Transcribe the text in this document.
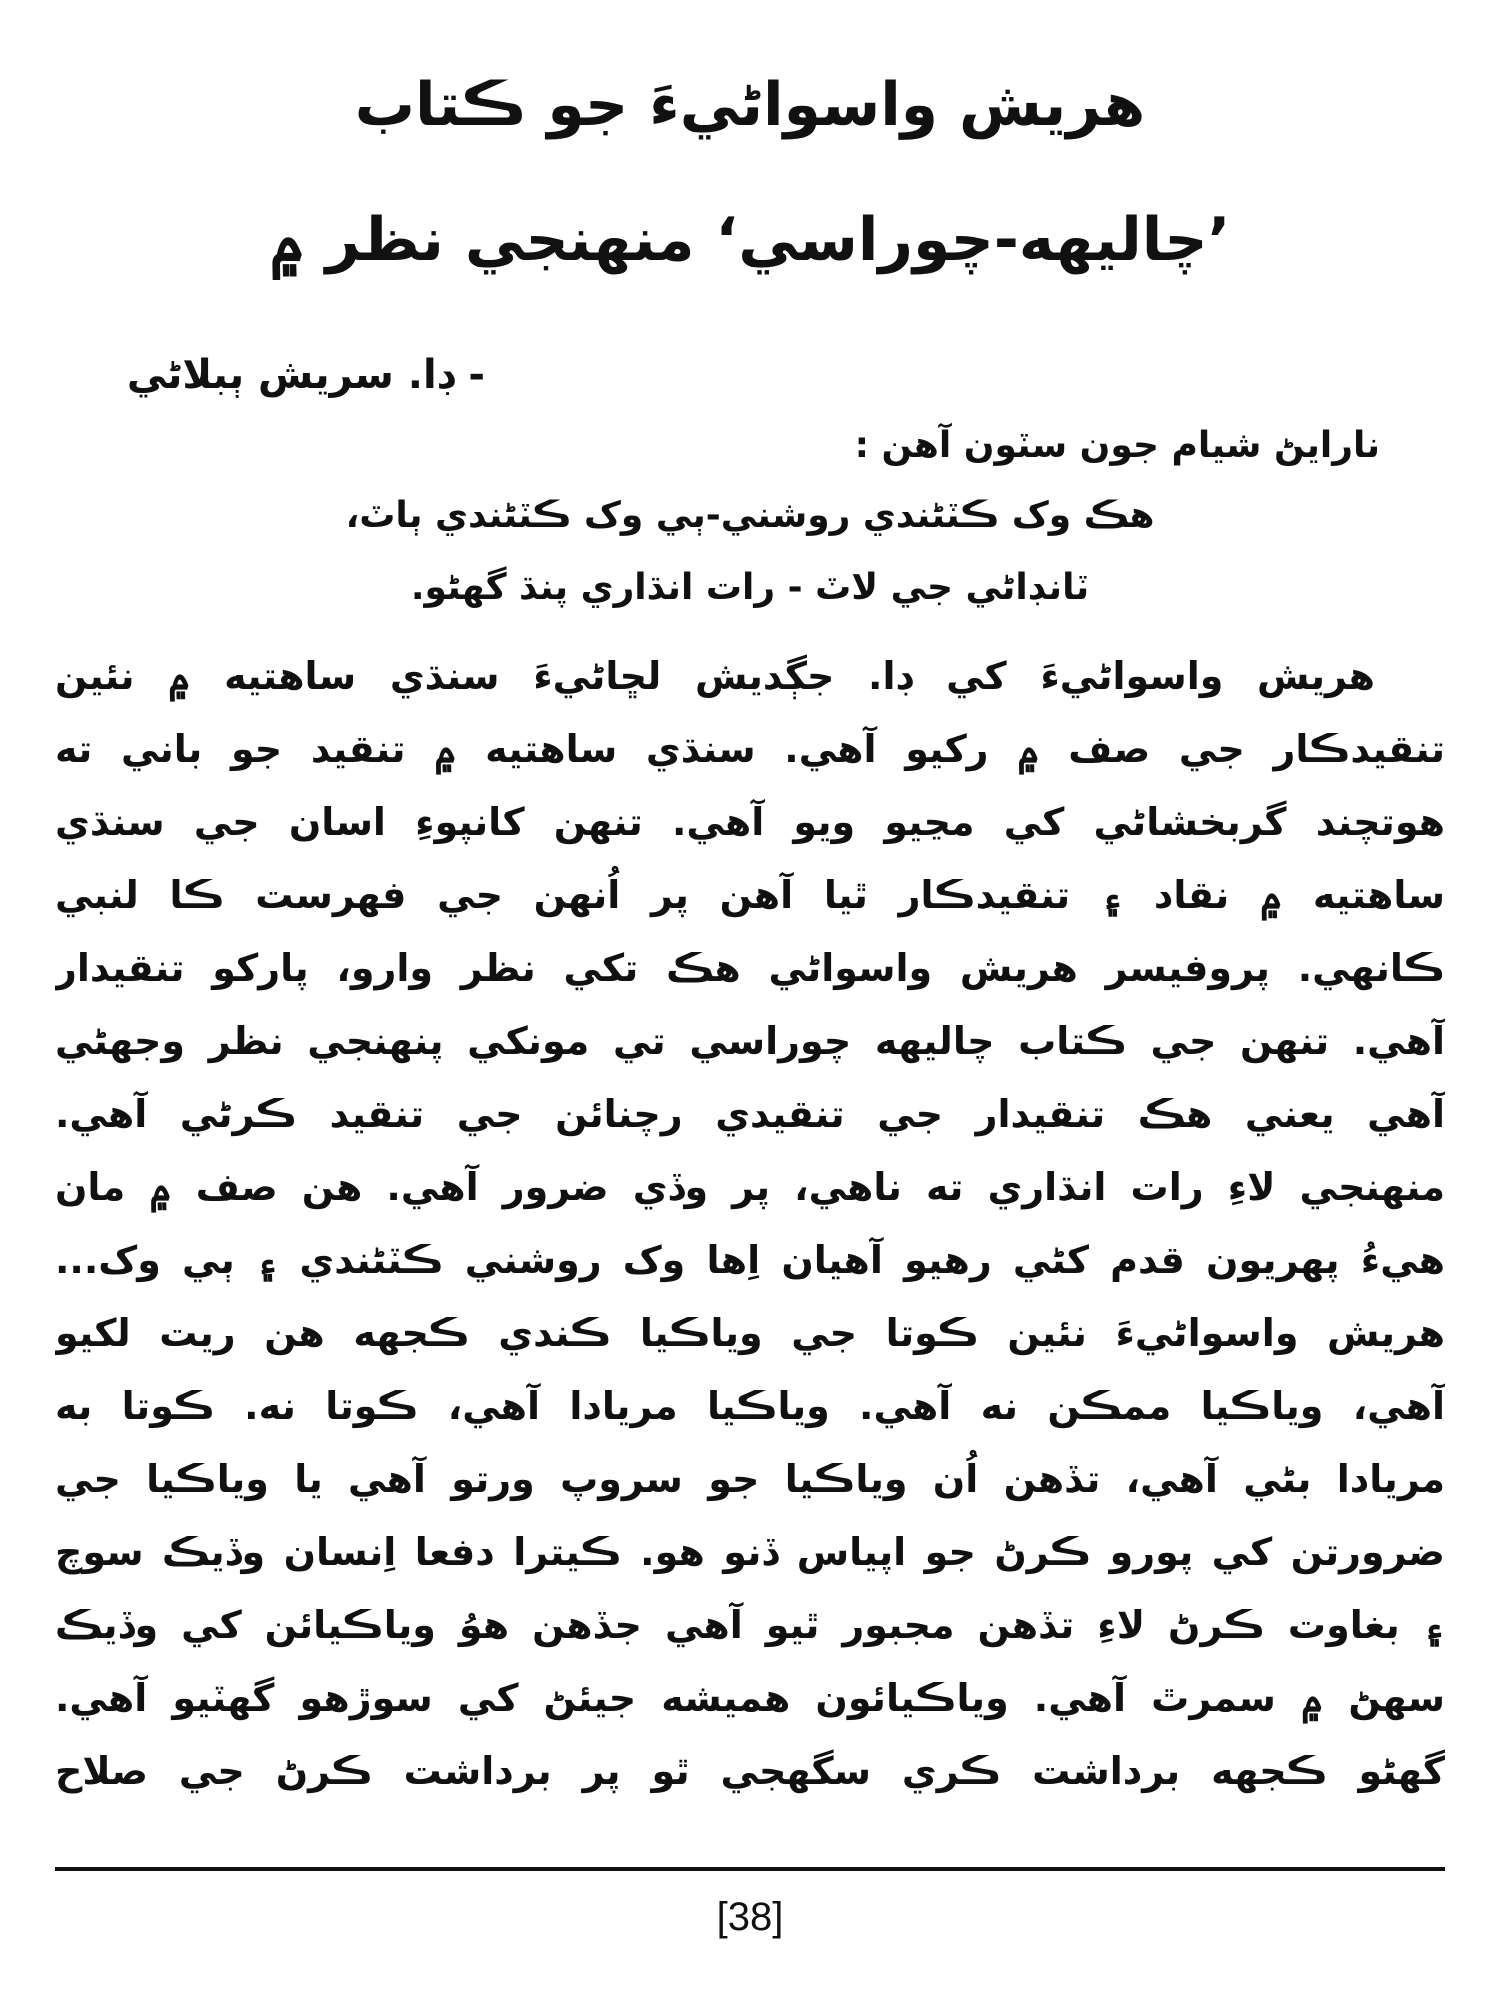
هريش واسواڻيءَ جو ڪتاب
’چاليهه-چوراسي‘ منهنجي نظر ۾
- ڊا. سريش ٻبلاڻي
نارايڻ شيام جون سٽون آهن :
هڪ وک ڪٽڻندي روشني-ٻي وک ڪٽڻندي ٻاٽ،
ٽانڊاڻي جي لاٽ - رات انڌاري پنڌ گهڻو.
هريش واسواڻيءَ کي ڊا. جڳديش لڇاڻيءَ سنڌي ساهتيه ۾ نئين
تنقيدڪار جي صف ۾ رکيو آهي. سنڌي ساهتيه ۾ تنقيد جو باني ته
هوتچند گربخشاڻي کي مڃيو ويو آهي. تنهن کانپوءِ اسان جي سنڌي
ساهتيه ۾ نقاد ۽ تنقيدڪار ٿيا آهن پر اُنهن جي فهرست ڪا لنبي
ڪانهي. پروفيسر هريش واسواڻي هڪ تکي نظر وارو، پارکو تنقيدار
آهي. تنهن جي ڪتاب چاليهه چوراسي تي مونکي پنهنجي نظر وجهڻي
آهي يعني هڪ تنقيدار جي تنقيدي رچنائن جي تنقيد ڪرڻي آهي.
منهنجي لاءِ رات انڌاري ته ناهي، پر وڏي ضرور آهي. هن صف ۾ مان
هيءُ پهريون قدم کڻي رهيو آهيان اِها وک روشني ڪٽڻندي ۽ ٻي وک...
هريش واسواڻيءَ نئين ڪوتا جي وياڪيا ڪندي ڪجهه هن ريت لکيو
آهي، وياڪيا ممڪن نه آهي. وياڪيا مريادا آهي، ڪوتا نه. ڪوتا به
مريادا بڻي آهي، تڏهن اُن وياڪيا جو سروپ ورتو آهي يا وياڪيا جي
ضرورتن کي پورو ڪرڻ جو اپياس ڏنو هو. ڪيترا دفعا اِنسان وڏيڪ سوچ
۽ بغاوت ڪرڻ لاءِ تڏهن مجبور ٿيو آهي جڏهن هوُ وياڪيائن کي وڏيڪ
سهڻ ۾ سمرٿ آهي. وياڪيائون هميشه جيئڻ کي سوڙهو گهٽيو آهي.
گهڻو ڪجهه برداشت ڪري سگهجي ٿو پر برداشت ڪرڻ جي صلاح
[38]
